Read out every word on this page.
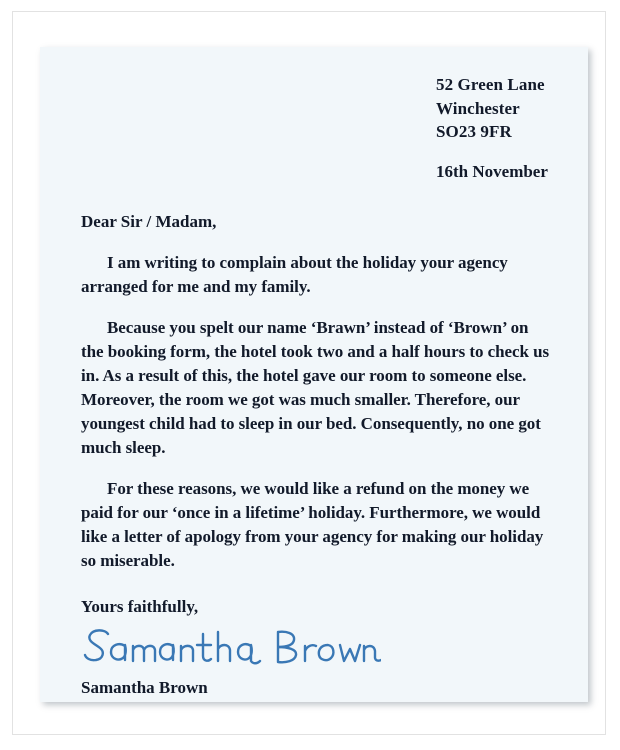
52 Green Lane
Winchester
SO23 9FR
16th November
Dear Sir / Madam,
I am writing to complain about the holiday your agency arranged for me and my family.
Because you spelt our name ‘Brawn’ instead of ‘Brown’ on the booking form, the hotel took two and a half hours to check us in. As a result of this, the hotel gave our room to someone else. Moreover, the room we got was much smaller. Therefore, our youngest child had to sleep in our bed. Consequently, no one got much sleep.
For these reasons, we would like a refund on the money we paid for our ‘once in a lifetime’ holiday. Furthermore, we would like a letter of apology from your agency for making our holiday so miserable.
Yours faithfully,
Samantha Brown
